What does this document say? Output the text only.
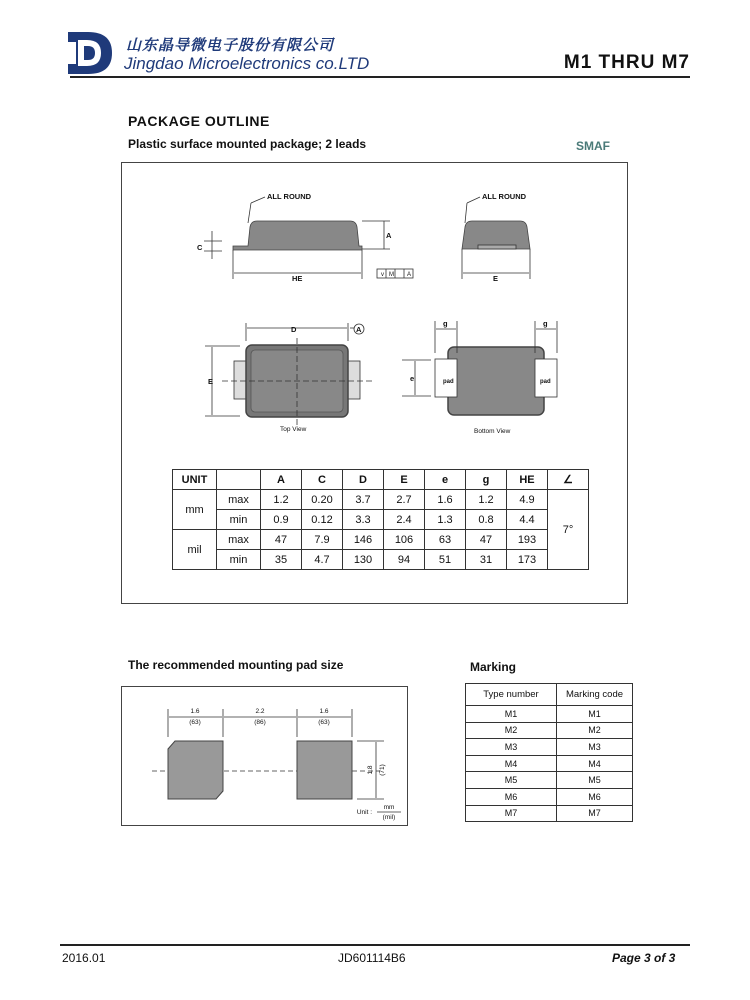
山东晶导微电子股份有限公司
Jingdao Microelectronics co.LTD	M1 THRU M7
PACKAGE OUTLINE
Plastic surface mounted package; 2 leads	SMAF
ALL ROUND	ALL ROUND
C
A
HE	E
D	A
E
g	g
e	pad	pad
Top View	Bottom View
v M A
UNIT		A	C	D	E	e	g	HE	∠
mm	max	1.2	0.20	3.7	2.7	1.6	1.2	4.9	7°
	min	0.9	0.12	3.3	2.4	1.3	0.8	4.4	
mil	max	47	7.9	146	106	63	47	193	
	min	35	4.7	130	94	51	31	173	
The recommended mounting pad size	Marking
1.6
(63)
2.2
(86)
1.6
(63)
1.8 (71)
Unit :
mm
(mil)
Type number	Marking code
M1	M1
M2	M2
M3	M3
M4	M4
M5	M5
M6	M6
M7	M7
2016.01	JD601114B6	Page 3 of 3
